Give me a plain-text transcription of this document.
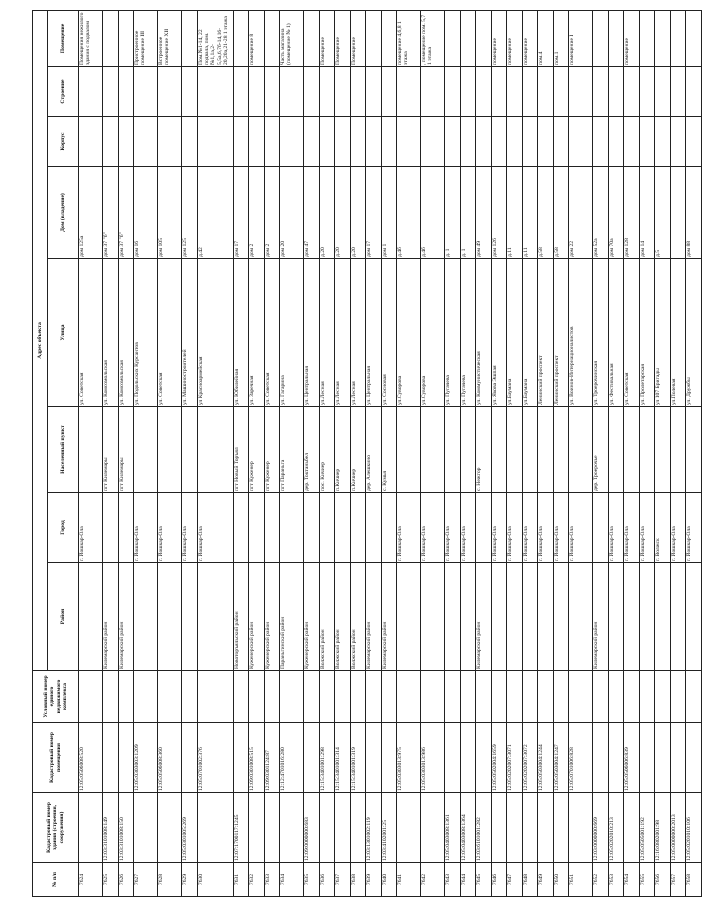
№ п/п	Кадастровый номер здания (строения, сооружения)	Кадастровый номер помещения	Условный номер единого недвижимого комплекса	Адрес объекта							
				Район	Город	Населенный пункт	Улица	Дом (владение)	Корпус	Строение	Помещение
7624		12:05:0506008:520			г. Йошкар-Ола		ул. Советская	дом 125а			Помещения нежилого здания с подвалом
7625	12:03:3101008:149			Килемарский район		пгт Килемары	ул. Комсомольская	дом 37 "б"			
7626	12:03:3101008:150			Килемарский район		пгт Килемары	ул. Комсомольская	дом 37 "б"			
7627		12:05:0303003:1209			г. Йошкар-Ола		ул. Подольских Курсантов	дом 16			Пристроенное помещение III
7628		12:05:0506008:360			г. Йошкар-Ола		ул. Советская	дом 105			Встроенное помещение XII
7629	12:05:0301005:269				г. Йошкар-Ола		ул. Машиностроителей	дом 125			
7630		12:05:0701002:376			г. Йошкар-Ола		ул Красноармейская	д.42			Пом.№1-14, 22 подвала, пом. №1,1а,2-5,5а,6,7б-14,16-20,20а,21-28 1 этажа
7631	12:07:1700117:1245			Новоторъяльский район		пгт Новый Торъял	ул. Юбилейная	дом 17			
7632		12:09:0301008:515		Куженерский район		пгт Куженер	ул. Заречная	дом 2			помещение 8
7633		12:09:0301124:87		Куженерский район		пгт Куженер	ул. Советская	дом 2			
7634		12:12:4701016:280		Параньгинский район		пгт Параньга	ул. Гагарина	дом 20			Часть магазина (помещение № 1)
7635	12:09:0000000:683			Куженерский район		дер. Токтаньбел	ул. Центральная	дом 47			
7636		12:15:3401001:298		Волжский район		пос. Кичиер	ул.Лесная	д.20			Помещение
7637		12:15:3401001:314		Волжский район		п.Кичиер	ул.Лесная	д.20			Помещение
7638		12:15:3401001:319		Волжский район		п.Кичиер	ул.Лесная	д.20			Помещение
7639	12:03:1301002:119			Килемарский район		дер. Алешкино	ул. Центральная	дом 17			
7640	12:03:4102001:25			Килемарский район		с. Кумья	ул. Сосновая	дом 1			
7641		12:05:0303013:975			г. Йошкар-Ола		ул.Суворова	д.4б			помещение 4,6,8 1 этажа
7642		12:05:0303013:986			г. Йошкар-Ола		ул.Суворова	д.4б			, помещение пом. 5,7 1 этажа
7643	12:05:0403008:1361				г. Йошкар-Ола		ул. Пугачева	д. 1			
7644	12:05:0403008:1364				г. Йошкар-Ола		ул. Пугачева	д. 1			
7645	12:03:6101001:282			Килемарский район		с. Нежгор	ул. Коммунистическая	дом 49			
7646		12:05:0502004:1659			г. Йошкар-Ола		ул. Якова Эшпая	дом 126			помещение
7647		12:05:0202007:3071			г. Йошкар-Ола		ул.Баумана	д.11			помещение
7648		12:05:0202007:3072			г. Йошкар-Ола		ул.Баумана	д.11			помещение
7649		12:05:0503004:1244			г. Йошкар-Ола		Ленинский проспект	д.58			пом.4
7650		12:05:0503004:1247			г. Йошкар-Ола		Ленинский проспект	д.58			пом.1
7651		12:05:0701006:828			г. Йошкар-Ола		ул. Воинов-Интернационалистов	дом 22			помещение I
7652	12:03:0000000:669			Килемарский район		дер. Троерочье	ул. Троерочинская	дом 52а			
7653	12:05:0202010:213				г. Йошкар-Ола		ул. Фестивальная	дом 70а			
7654		12:05:0506006:839			г. Йошкар-Ола		ул. Советская	дом 128			помещение
7655	12:05:0505001:192				г. Йошкар-Ола		ул. Пролетарская	дом 14			
7656	12:16:0802001:98				г. Волжск		ул 107 Бригады	д.5			
7657	12:05:0000000:2013				г. Йошкар-Ола		ул.Полевая				
7658	12:05:0201010:106				г. Йошкар-Ола		ул. Дружбы	дом 88			
